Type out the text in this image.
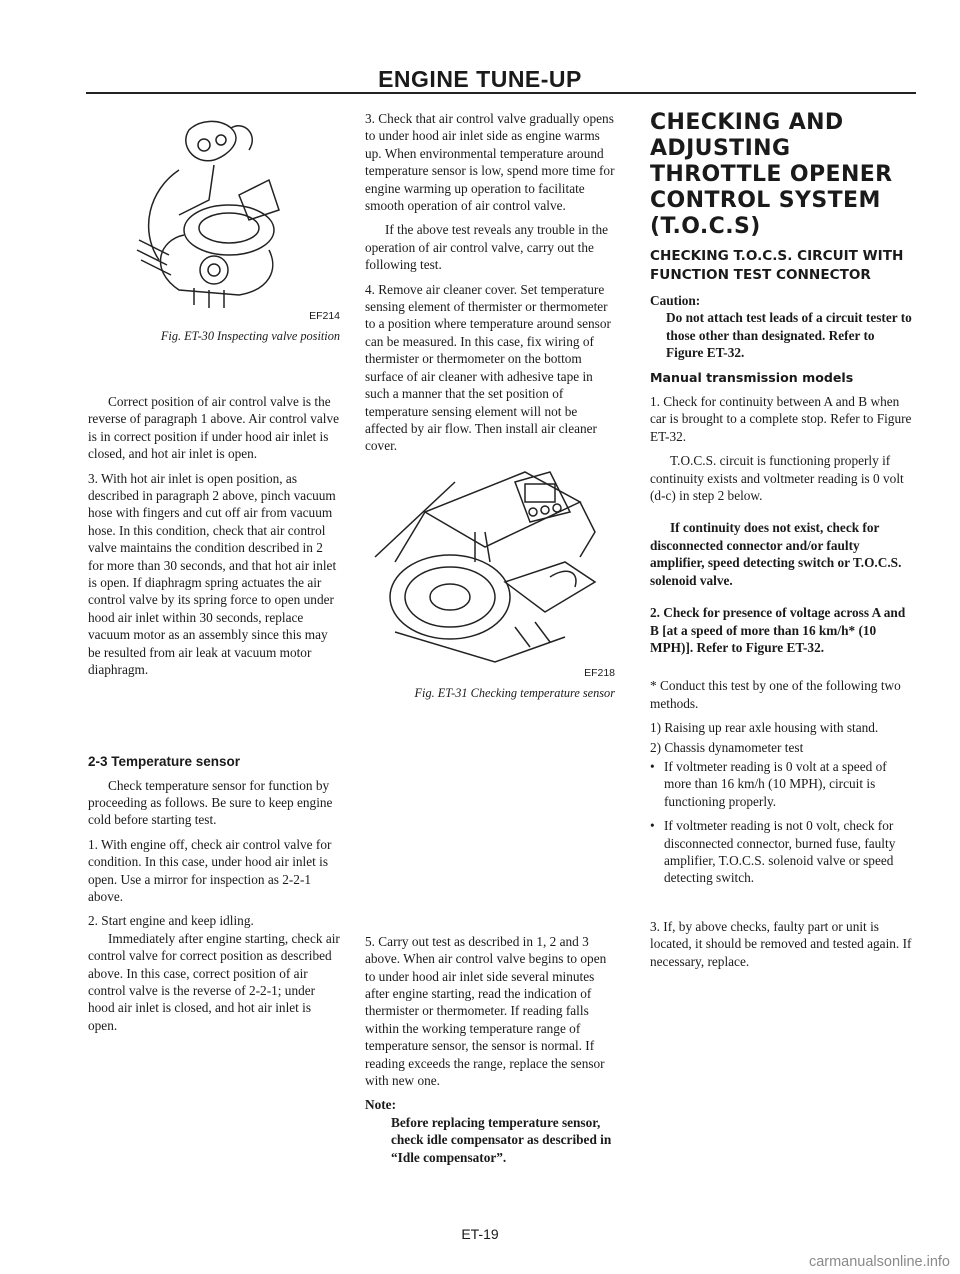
ENGINE TUNE-UP

EF214

Fig. ET-30 Inspecting valve position

Correct position of air control valve is the reverse of paragraph 1 above. Air control valve is in correct position if under hood air inlet is closed, and hot air inlet is open.

3. With hot air inlet is open position, as described in paragraph 2 above, pinch vacuum hose with fingers and cut off air from vacuum hose. In this condition, check that air control valve maintains the condition described in 2 for more than 30 seconds, and that hot air inlet is open. If diaphragm spring actuates the air control valve by its spring force to open under hood air inlet within 30 seconds, replace vacuum motor as an assembly since this may be resulted from air leak at vacuum motor diaphragm.

2-3 Temperature sensor

Check temperature sensor for function by proceeding as follows. Be sure to keep engine cold before starting test.

1. With engine off, check air control valve for condition. In this case, under hood air inlet is open. Use a mirror for inspection as 2-2-1 above.

2. Start engine and keep idling.

Immediately after engine starting, check air control valve for correct position as described above. In this case, correct position of air control valve is the reverse of 2-2-1; under hood air inlet is closed, and hot air inlet is open.

3. Check that air control valve gradually opens to under hood air inlet side as engine warms up. When environmental temperature around temperature sensor is low, spend more time for engine warming up operation to facilitate smooth operation of air control valve.

If the above test reveals any trouble in the operation of air control valve, carry out the following test.

4. Remove air cleaner cover. Set temperature sensing element of thermister or thermometer to a position where temperature around sensor can be measured. In this case, fix wiring of thermister or thermometer on the bottom surface of air cleaner with adhesive tape in such a manner that the set position of temperature sensing element will not be affected by air flow. Then install air cleaner cover.

EF218

Fig. ET-31 Checking temperature sensor

5. Carry out test as described in 1, 2 and 3 above. When air control valve begins to open to under hood air inlet side several minutes after engine starting, read the indication of thermister or thermometer. If reading falls within the working temperature range of temperature sensor, the sensor is normal. If reading exceeds the range, replace the sensor with new one.

Note:
Before replacing temperature sensor, check idle compensator as described in “Idle compensator”.

CHECKING AND ADJUSTING THROTTLE OPENER CONTROL SYSTEM (T.O.C.S)

CHECKING T.O.C.S. CIRCUIT WITH FUNCTION TEST CONNECTOR

Caution:
Do not attach test leads of a circuit tester to those other than designated. Refer to Figure ET-32.

Manual transmission models

1. Check for continuity between A and B when car is brought to a complete stop. Refer to Figure ET-32.

T.O.C.S. circuit is functioning properly if continuity exists and voltmeter reading is 0 volt (d-c) in step 2 below.

If continuity does not exist, check for disconnected connector and/or faulty amplifier, speed detecting switch or T.O.C.S. solenoid valve.

2. Check for presence of voltage across A and B [at a speed of more than 16 km/h* (10 MPH)]. Refer to Figure ET-32.

* Conduct this test by one of the following two methods.

1) Raising up rear axle housing with stand.

2) Chassis dynamometer test

• If voltmeter reading is 0 volt at a speed of more than 16 km/h (10 MPH), circuit is functioning properly.

• If voltmeter reading is not 0 volt, check for disconnected connector, burned fuse, faulty amplifier, T.O.C.S. solenoid valve or speed detecting switch.

3. If, by above checks, faulty part or unit is located, it should be removed and tested again. If necessary, replace.

ET-19
carmanualsonline.info
